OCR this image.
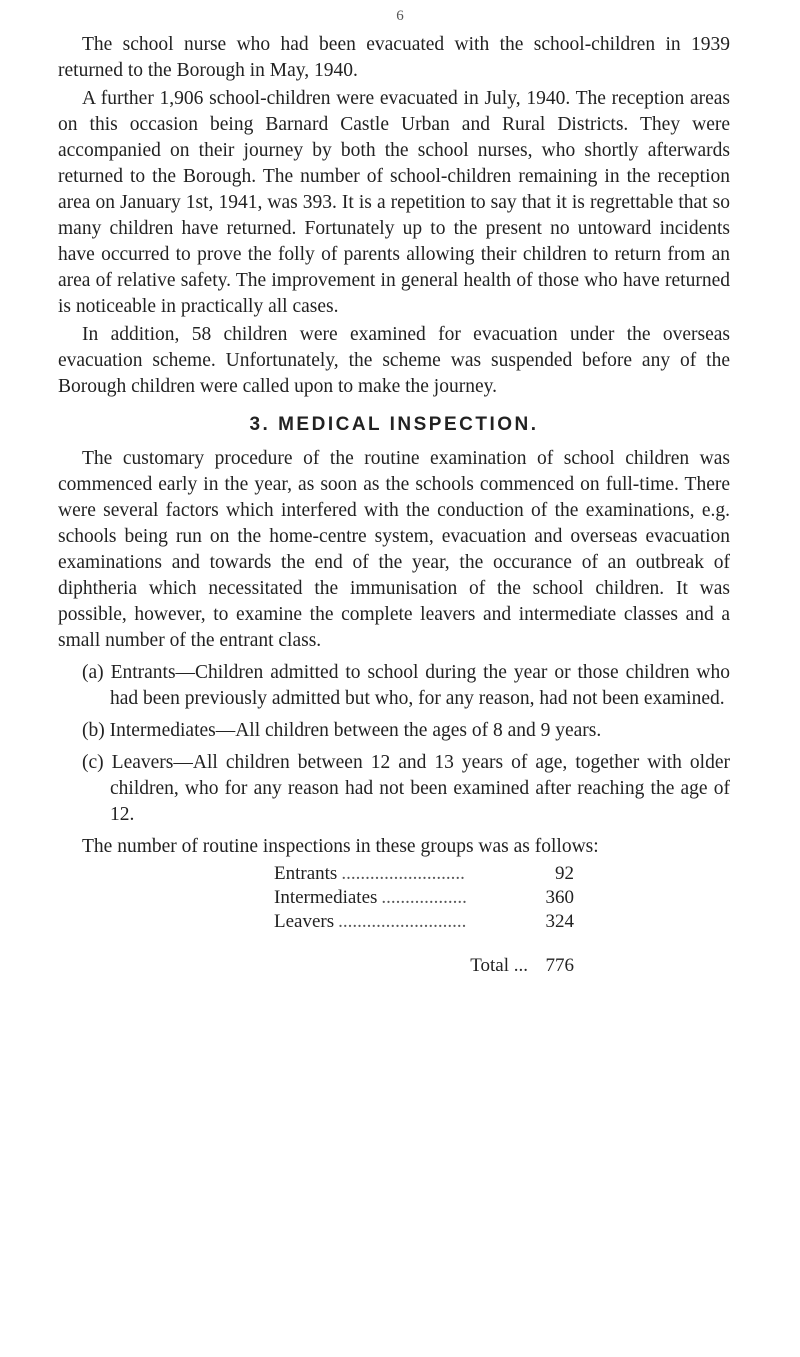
6

The school nurse who had been evacuated with the school-children in 1939 returned to the Borough in May, 1940.

A further 1,906 school-children were evacuated in July, 1940. The reception areas on this occasion being Barnard Castle Urban and Rural Districts. They were accompanied on their journey by both the school nurses, who shortly afterwards returned to the Borough. The number of school-children remaining in the reception area on January 1st, 1941, was 393. It is a repetition to say that it is regrettable that so many children have returned. Fortunately up to the present no untoward incidents have occurred to prove the folly of parents allowing their children to return from an area of relative safety. The improvement in general health of those who have returned is noticeable in practically all cases.

In addition, 58 children were examined for evacuation under the overseas evacuation scheme. Unfortunately, the scheme was suspended before any of the Borough children were called upon to make the journey.

3. MEDICAL INSPECTION.

The customary procedure of the routine examination of school children was commenced early in the year, as soon as the schools commenced on full-time. There were several factors which interfered with the conduction of the examinations, e.g. schools being run on the home-centre system, evacuation and overseas evacuation examinations and towards the end of the year, the occurance of an outbreak of diphtheria which necessitated the immunisation of the school children. It was possible, however, to examine the complete leavers and intermediate classes and a small number of the entrant class.

(a) Entrants—Children admitted to school during the year or those children who had been previously admitted but who, for any reason, had not been examined.
(b) Intermediates—All children between the ages of 8 and 9 years.
(c) Leavers—All children between 12 and 13 years of age, together with older children, who for any reason had not been examined after reaching the age of 12.

The number of routine inspections in these groups was as follows:

Entrants ..........................	92
Intermediates ..................	360
Leavers ...........................	324
Total ... 776
